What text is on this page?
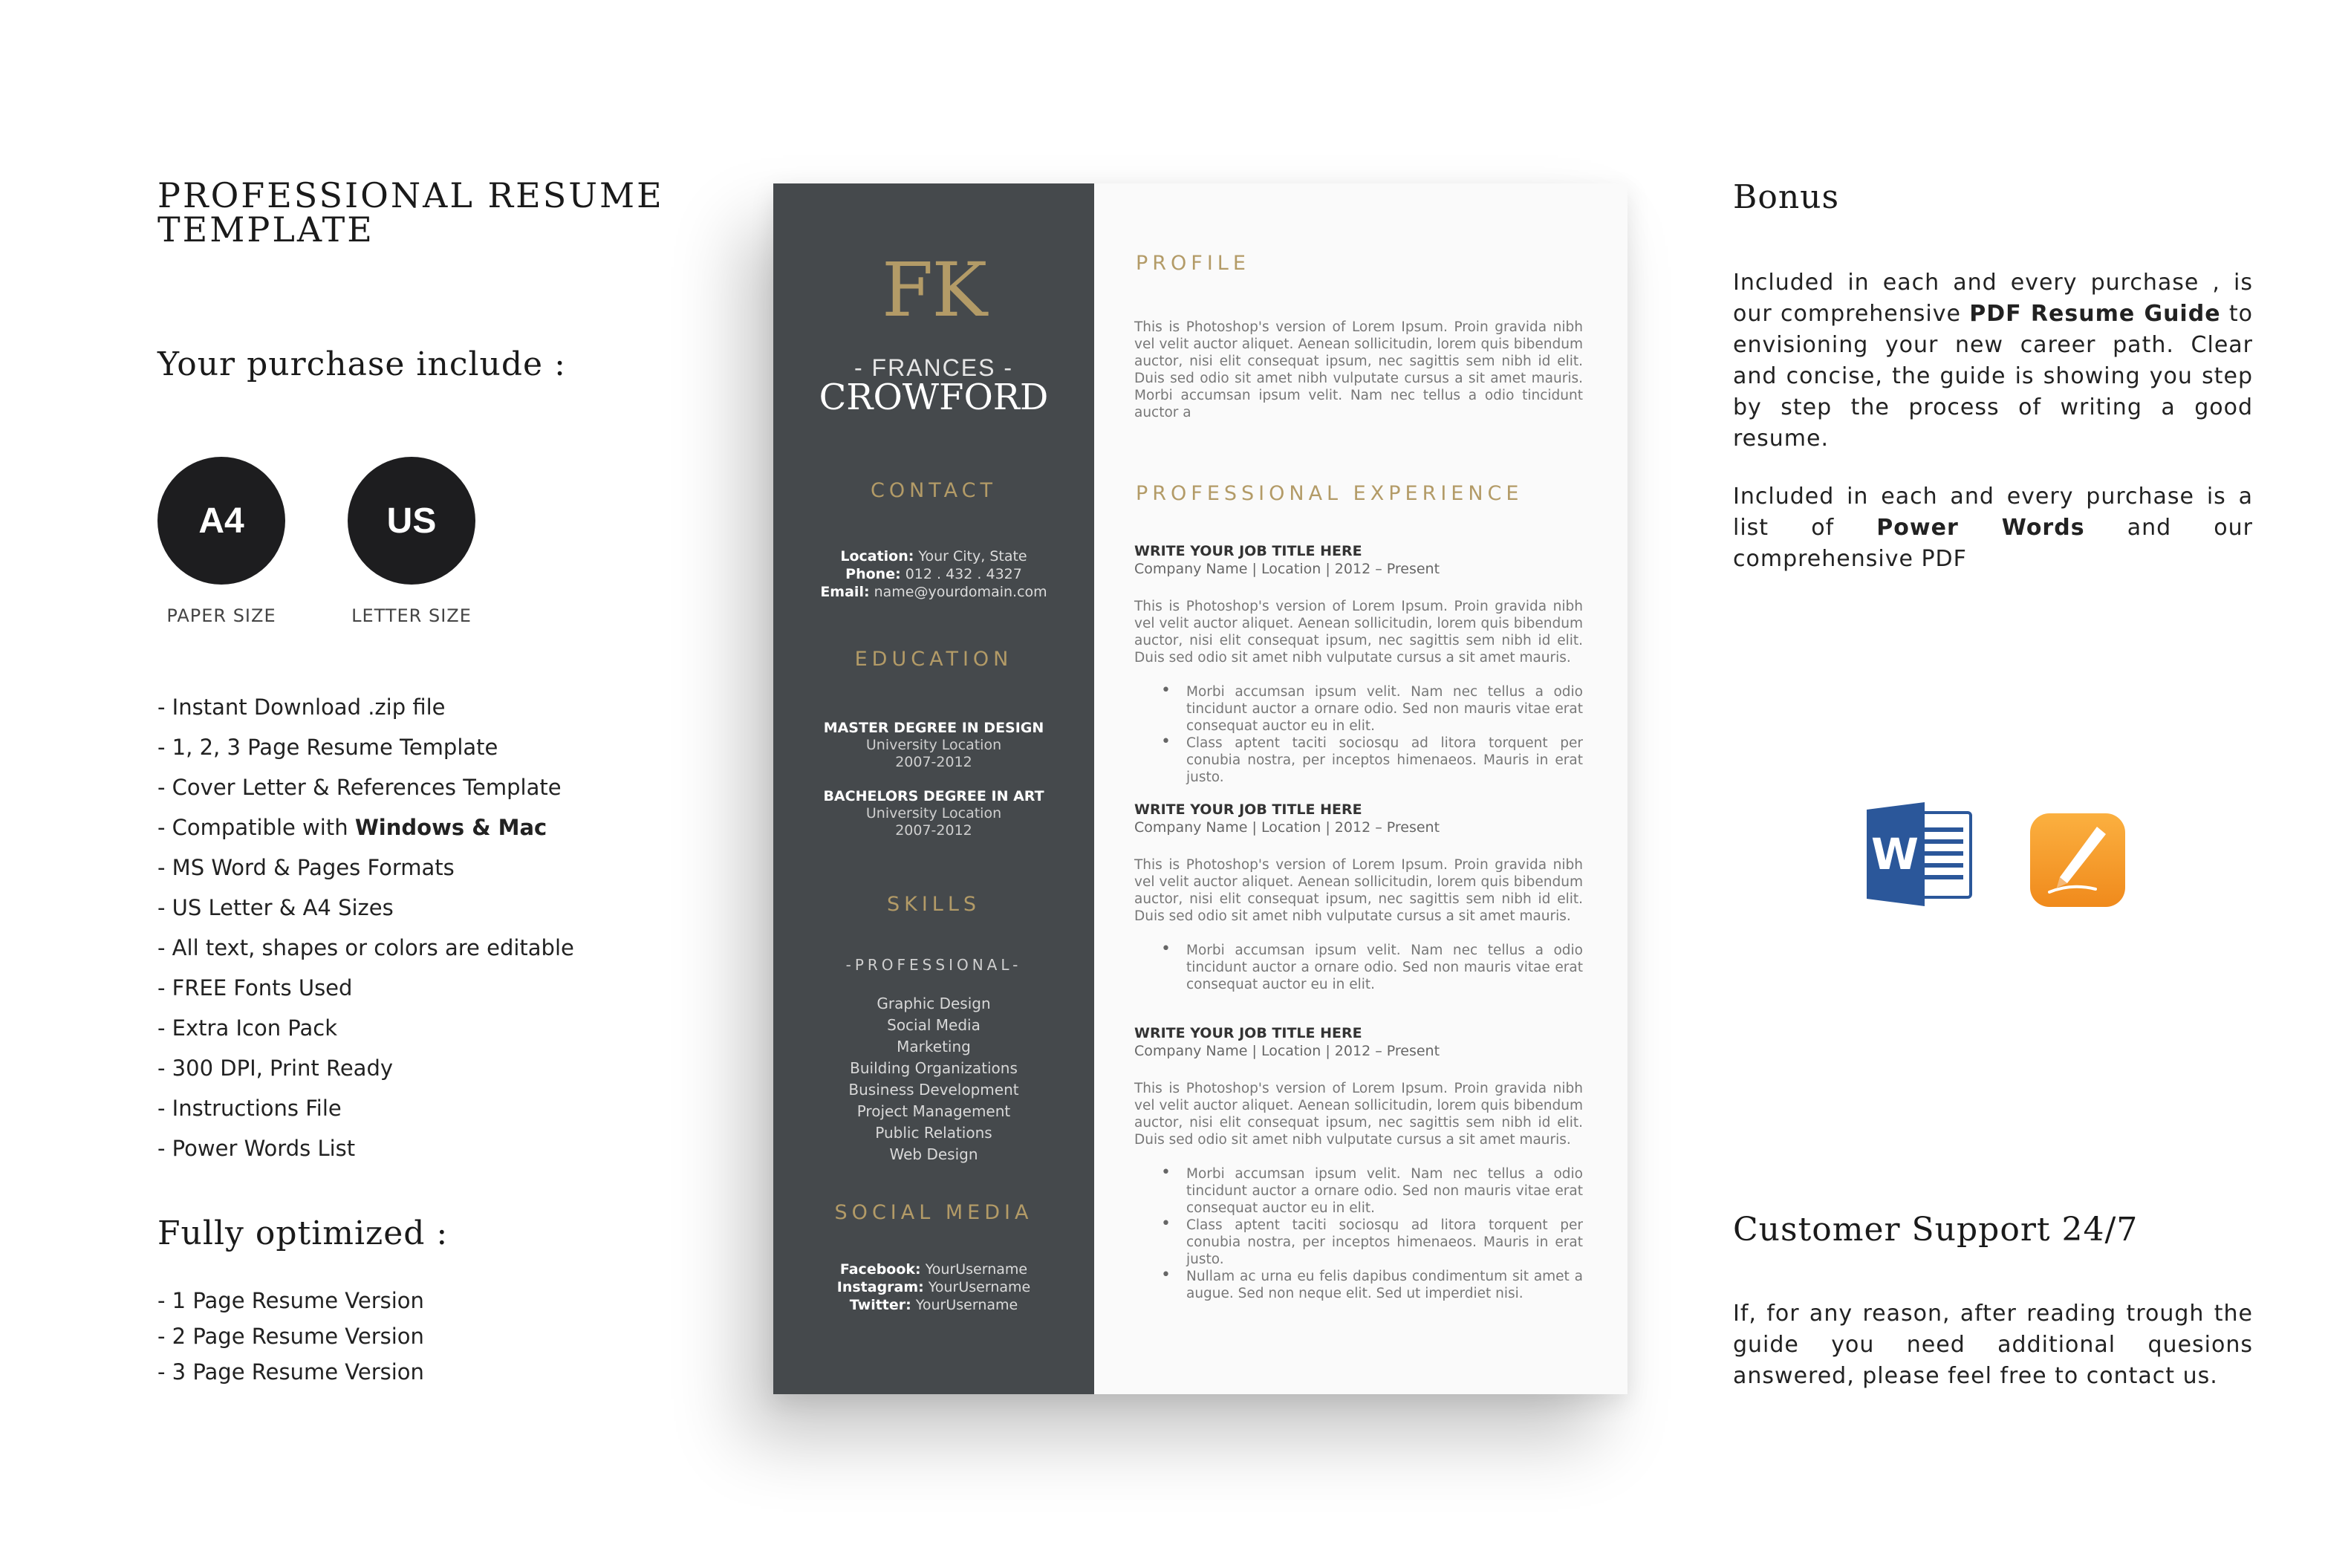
PROFESSIONAL RESUME
TEMPLATE
Your purchase include :
A4
PAPER SIZE
US
LETTER SIZE
- Instant Download .zip file
- 1, 2, 3 Page Resume Template
- Cover Letter & References Template
- Compatible with Windows & Mac
- MS Word & Pages Formats
- US Letter & A4 Sizes
- All text, shapes or colors are editable
- FREE Fonts Used
- Extra Icon Pack
- 300 DPI, Print Ready
- Instructions File
- Power Words List
Fully optimized :
- 1 Page Resume Version
- 2 Page Resume Version
- 3 Page Resume Version
FK
- FRANCES -
CROWFORD
CONTACT
Location: Your City, State
Phone: 012 . 432 . 4327
Email: name@yourdomain.com
EDUCATION
MASTER DEGREE IN DESIGN
University Location
2007-2012
BACHELORS DEGREE IN ART
University Location
2007-2012
SKILLS
-PROFESSIONAL-
Graphic Design
Social Media
Marketing
Building Organizations
Business Development
Project Management
Public Relations
Web Design
SOCIAL MEDIA
Facebook: YourUsername
Instagram: YourUsername
Twitter: YourUsername
PROFILE
This is Photoshop's version of Lorem Ipsum. Proin gravida nibh vel velit auctor aliquet. Aenean sollicitudin, lorem quis bibendum auctor, nisi elit consequat ipsum, nec sagittis sem nibh id elit. Duis sed odio sit amet nibh vulputate cursus a sit amet mauris. Morbi accumsan ipsum velit. Nam nec tellus a odio tincidunt auctor a
PROFESSIONAL EXPERIENCE
WRITE YOUR JOB TITLE HERE
Company Name | Location | 2012 – Present
This is Photoshop's version of Lorem Ipsum. Proin gravida nibh vel velit auctor aliquet. Aenean sollicitudin, lorem quis bibendum auctor, nisi elit consequat ipsum, nec sagittis sem nibh id elit. Duis sed odio sit amet nibh vulputate cursus a sit amet mauris.
• Morbi accumsan ipsum velit. Nam nec tellus a odio tincidunt auctor a ornare odio. Sed non mauris vitae erat consequat auctor eu in elit.
• Class aptent taciti sociosqu ad litora torquent per conubia nostra, per inceptos himenaeos. Mauris in erat justo.
WRITE YOUR JOB TITLE HERE
Company Name | Location | 2012 – Present
This is Photoshop's version of Lorem Ipsum. Proin gravida nibh vel velit auctor aliquet. Aenean sollicitudin, lorem quis bibendum auctor, nisi elit consequat ipsum, nec sagittis sem nibh id elit. Duis sed odio sit amet nibh vulputate cursus a sit amet mauris.
• Morbi accumsan ipsum velit. Nam nec tellus a odio tincidunt auctor a ornare odio. Sed non mauris vitae erat consequat auctor eu in elit.
WRITE YOUR JOB TITLE HERE
Company Name | Location | 2012 – Present
This is Photoshop's version of Lorem Ipsum. Proin gravida nibh vel velit auctor aliquet. Aenean sollicitudin, lorem quis bibendum auctor, nisi elit consequat ipsum, nec sagittis sem nibh id elit. Duis sed odio sit amet nibh vulputate cursus a sit amet mauris.
• Morbi accumsan ipsum velit. Nam nec tellus a odio tincidunt auctor a ornare odio. Sed non mauris vitae erat consequat auctor eu in elit.
• Class aptent taciti sociosqu ad litora torquent per conubia nostra, per inceptos himenaeos. Mauris in erat justo.
• Nullam ac urna eu felis dapibus condimentum sit amet a augue. Sed non neque elit. Sed ut imperdiet nisi.
Bonus
Included in each and every purchase , is our comprehensive PDF Resume Guide to envisioning your new career path. Clear and concise, the guide is showing you step by step the process of writing a good resume.
Included in each and every purchase is a list of Power Words and our comprehensive PDF
W
Customer Support 24/7
If, for any reason, after reading trough the guide you need additional quesions answered, please feel free to contact us.
